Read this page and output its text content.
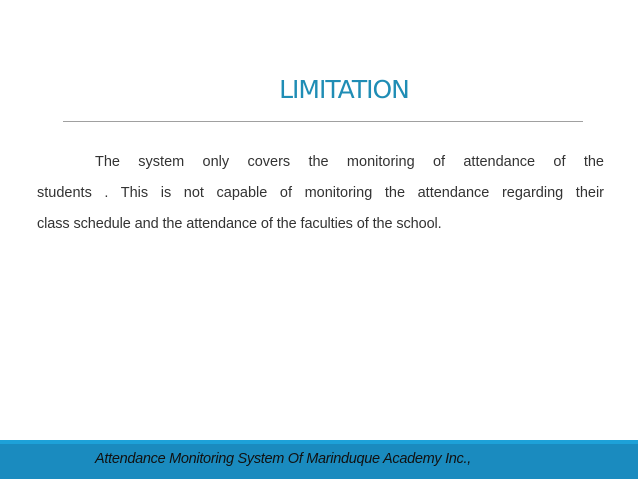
LIMITATION

The system only covers the monitoring of attendance of the
students . This is not capable of monitoring the attendance regarding their
class schedule and the attendance of the faculties of the school.

Attendance Monitoring System Of Marinduque Academy Inc.,
